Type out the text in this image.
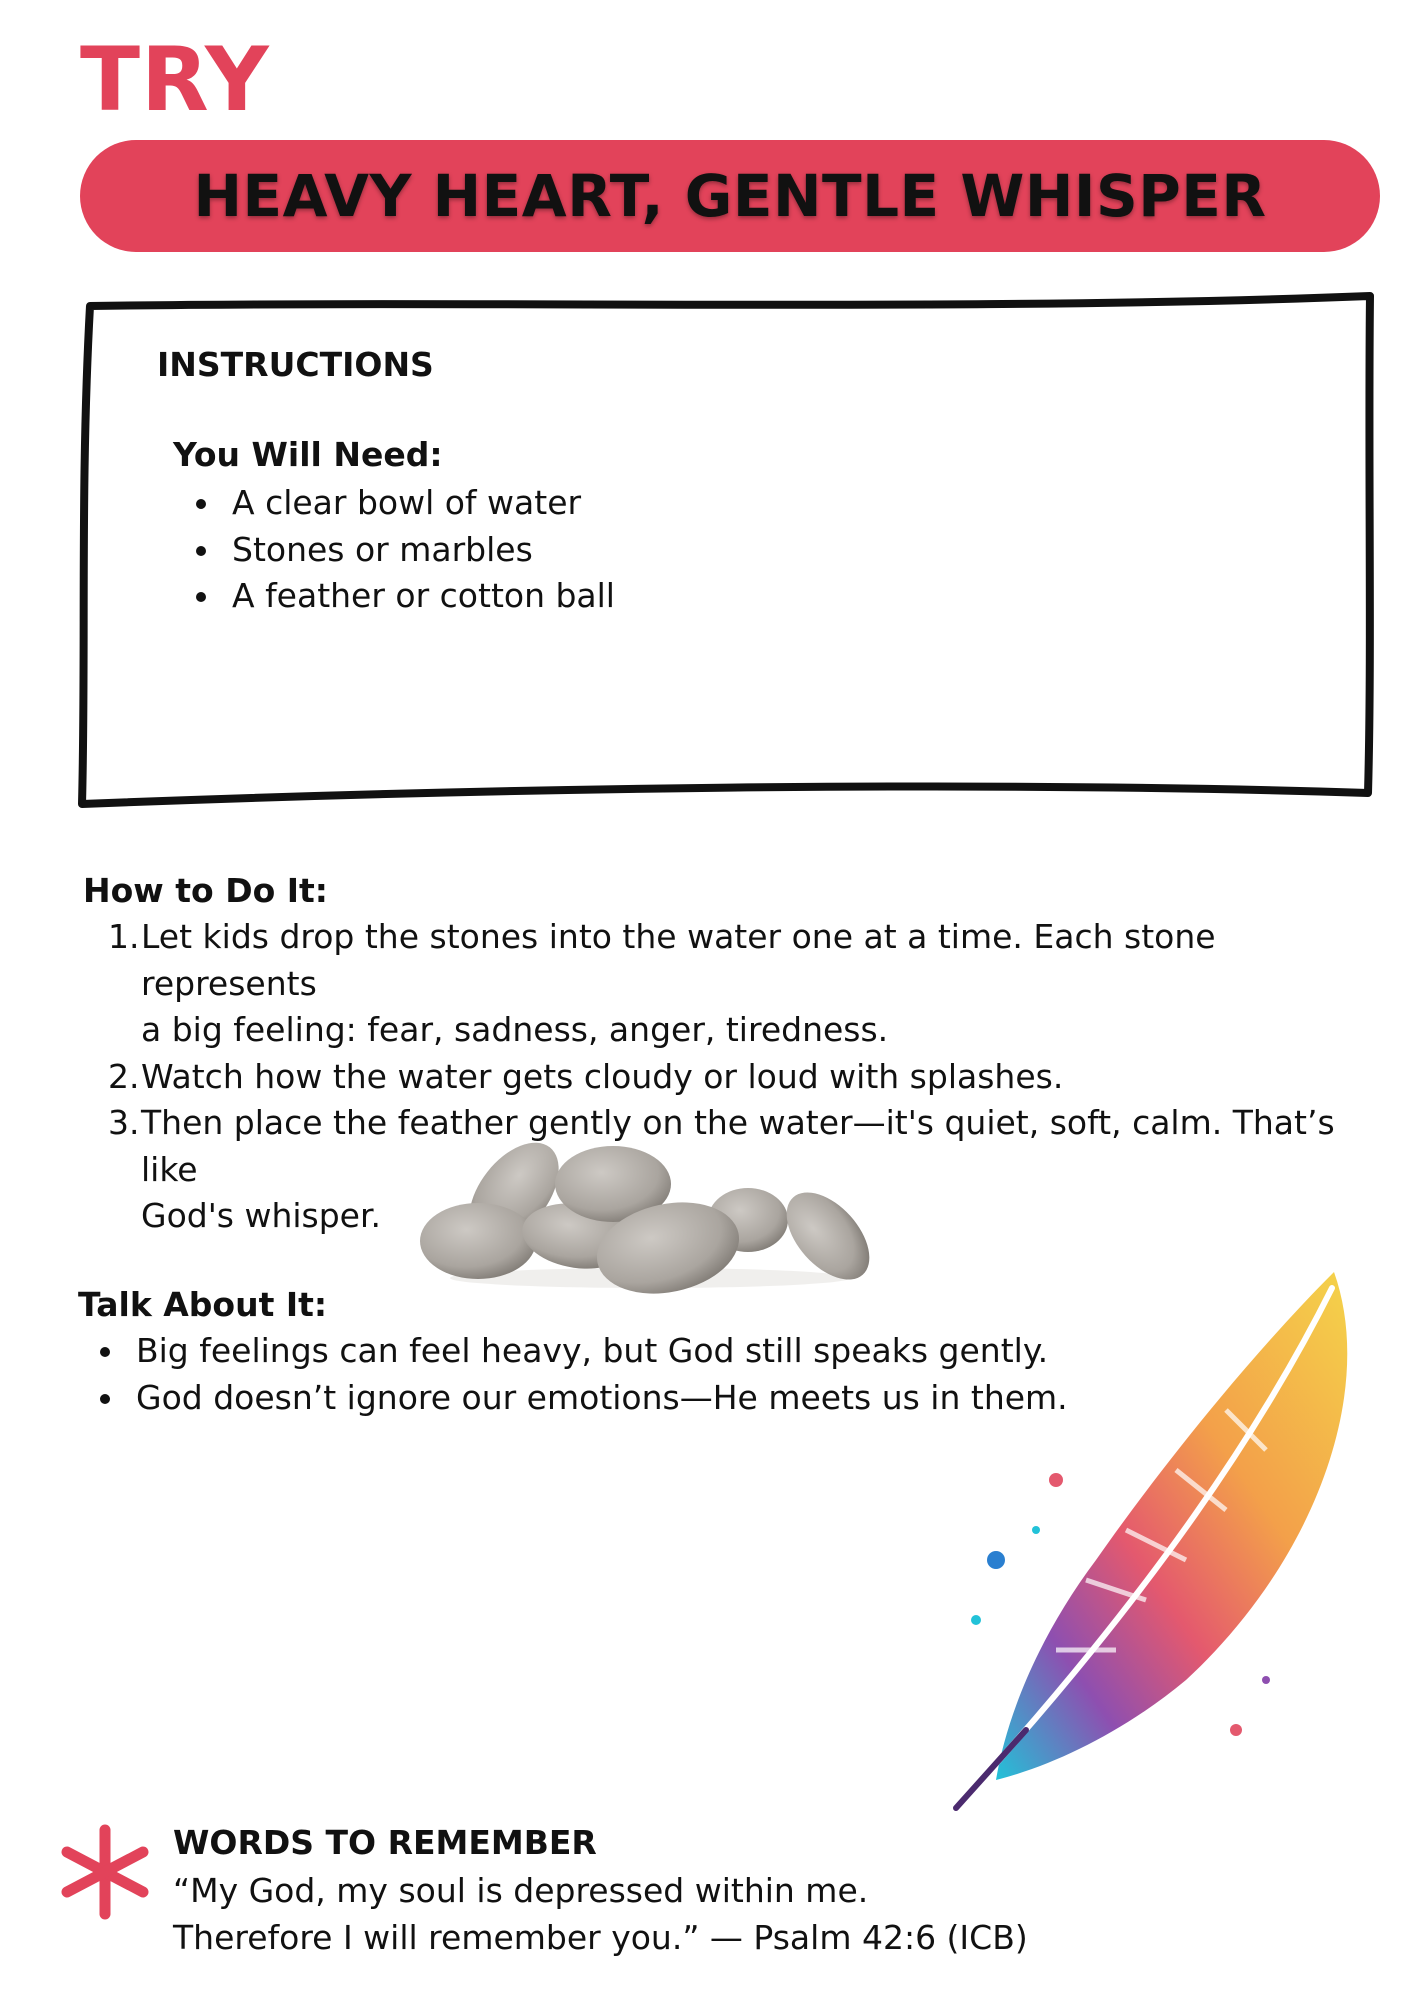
TRY
HEAVY HEART, GENTLE WHISPER
INSTRUCTIONS
You Will Need:
A clear bowl of water
Stones or marbles
A feather or cotton ball
How to Do It:
1. Let kids drop the stones into the water one at a time. Each stone represents
a big feeling: fear, sadness, anger, tiredness.
2. Watch how the water gets cloudy or loud with splashes.
3. Then place the feather gently on the water—it's quiet, soft, calm. That’s like
God's whisper.
Talk About It:
Big feelings can feel heavy, but God still speaks gently.
God doesn’t ignore our emotions—He meets us in them.
WORDS TO REMEMBER
“My God, my soul is depressed within me.
Therefore I will remember you.” — Psalm 42:6 (ICB)
